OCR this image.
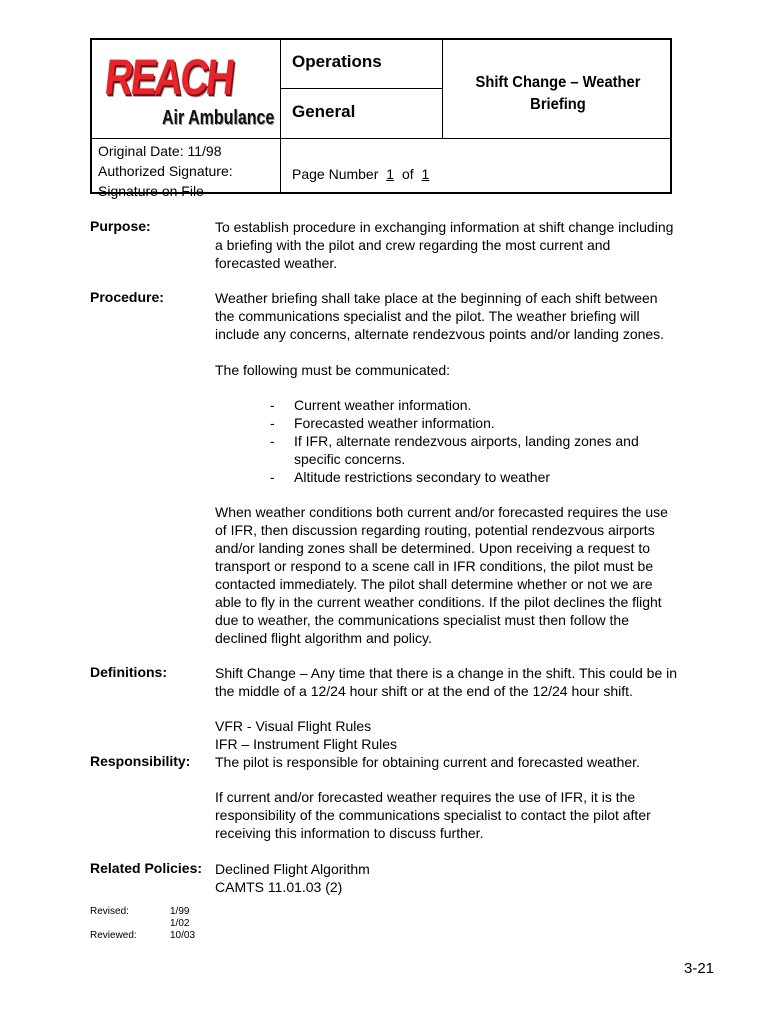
REACH
Air Ambulance
Operations
General
Shift Change – Weather
Briefing
Original Date: 11/98
Authorized Signature:
Signature on File
Page Number 1 of 1
Purpose:	To establish procedure in exchanging information at shift change including
a briefing with the pilot and crew regarding the most current and
forecasted weather.
Procedure:	Weather briefing shall take place at the beginning of each shift between
the communications specialist and the pilot. The weather briefing will
include any concerns, alternate rendezvous points and/or landing zones.
The following must be communicated:
- Current weather information.
- Forecasted weather information.
- If IFR, alternate rendezvous airports, landing zones and
specific concerns.
- Altitude restrictions secondary to weather
When weather conditions both current and/or forecasted requires the use
of IFR, then discussion regarding routing, potential rendezvous airports
and/or landing zones shall be determined. Upon receiving a request to
transport or respond to a scene call in IFR conditions, the pilot must be
contacted immediately. The pilot shall determine whether or not we are
able to fly in the current weather conditions. If the pilot declines the flight
due to weather, the communications specialist must then follow the
declined flight algorithm and policy.
Definitions:	Shift Change – Any time that there is a change in the shift. This could be in
the middle of a 12/24 hour shift or at the end of the 12/24 hour shift.
VFR - Visual Flight Rules
IFR – Instrument Flight Rules
Responsibility: The pilot is responsible for obtaining current and forecasted weather.
If current and/or forecasted weather requires the use of IFR, it is the
responsibility of the communications specialist to contact the pilot after
receiving this information to discuss further.
Related Policies: Declined Flight Algorithm
CAMTS 11.01.03 (2)
Revised:	1/99
1/02
Reviewed:	10/03
3-21
